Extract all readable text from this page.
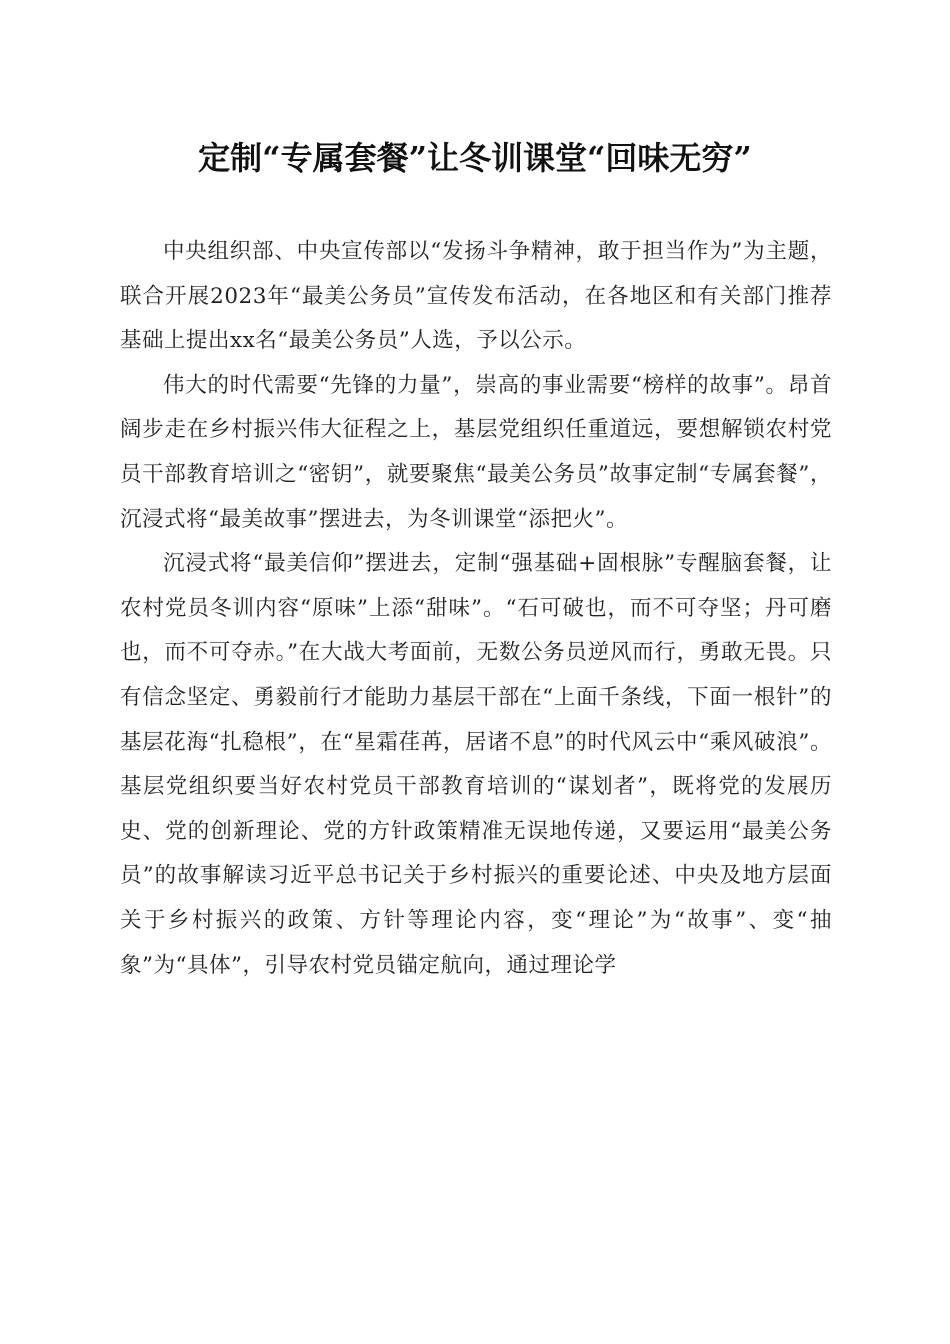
定制“专属套餐”让冬训课堂“回味无穷”

中央组织部、中央宣传部以“发扬斗争精神，敢于担当作为”为主题，联合开展2023年“最美公务员”宣传发布活动，在各地区和有关部门推荐基础上提出xx名“最美公务员”人选，予以公示。

伟大的时代需要“先锋的力量”，崇高的事业需要“榜样的故事”。昂首阔步走在乡村振兴伟大征程之上，基层党组织任重道远，要想解锁农村党员干部教育培训之“密钥”，就要聚焦“最美公务员”故事定制“专属套餐”，沉浸式将“最美故事”摆进去，为冬训课堂“添把火”。

沉浸式将“最美信仰”摆进去，定制“强基础+固根脉”专醒脑套餐，让农村党员冬训内容“原味”上添“甜味”。“石可破也，而不可夺坚；丹可磨也，而不可夺赤。”在大战大考面前，无数公务员逆风而行，勇敢无畏。只有信念坚定、勇毅前行才能助力基层干部在“上面千条线，下面一根针”的基层花海“扎稳根”，在“星霜荏苒，居诸不息”的时代风云中“乘风破浪”。基层党组织要当好农村党员干部教育培训的“谋划者”，既将党的发展历史、党的创新理论、党的方针政策精准无误地传递，又要运用“最美公务员”的故事解读习近平总书记关于乡村振兴的重要论述、中央及地方层面关于乡村振兴的政策、方针等理论内容，变“理论”为“故事”、变“抽象”为“具体”，引导农村党员锚定航向，通过理论学
